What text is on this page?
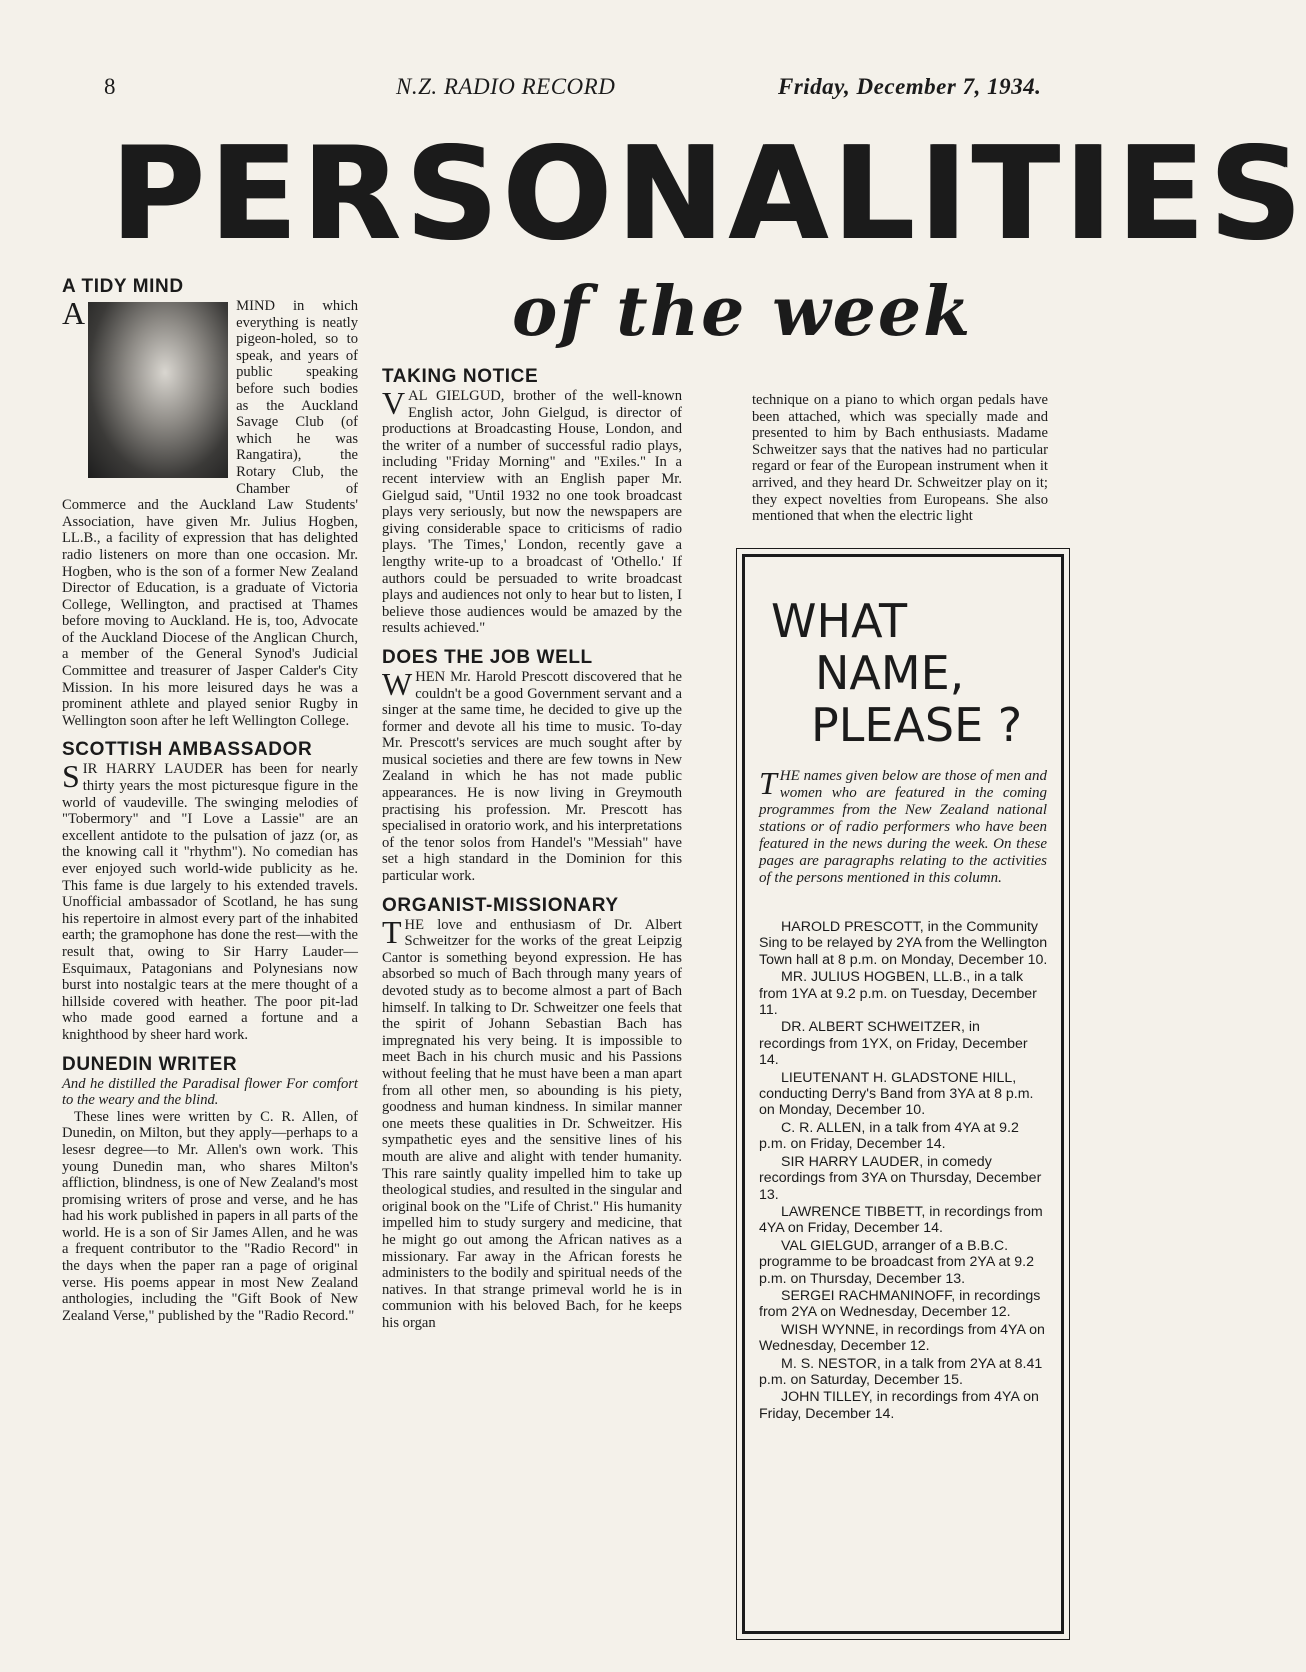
8	N.Z. RADIO RECORD	Friday, December 7, 1934.
PERSONALITIES
of the week
A TIDY MIND

A	MIND in which everything is neatly pigeon-holed, so to speak, and years of public speaking before such bodies as the Auckland Savage Club (of which he was Rangatira), the Rotary Club, the Chamber of Commerce and the Auckland Law Students' Association, have given Mr. Julius Hogben, LL.B., a facility of expression that has delighted radio listeners on more than one occasion. Mr. Hogben, who is the son of a former New Zealand Director of Education, is a graduate of Victoria College, Wellington, and practised at Thames before moving to Auckland. He is, too, Advocate of the Auckland Diocese of the Anglican Church, a member of the General Synod's Judicial Committee and treasurer of Jasper Calder's City Mission. In his more leisured days he was a prominent athlete and played senior Rugby in Wellington soon after he left Wellington College.

SCOTTISH AMBASSADOR

S IR HARRY LAUDER has been for nearly thirty years the most picturesque figure in the world of vaudeville. The swinging melodies of "Tobermory" and "I Love a Lassie" are an excellent antidote to the pulsation of jazz (or, as the knowing call it "rhythm"). No comedian has ever enjoyed such world-wide publicity as he. This fame is due largely to his extended travels. Unofficial ambassador of Scotland, he has sung his repertoire in almost every part of the inhabited earth; the gramophone has done the rest—with the result that, owing to Sir Harry Lauder—Esquimaux, Patagonians and Polynesians now burst into nostalgic tears at the mere thought of a hillside covered with heather. The poor pit-lad who made good earned a fortune and a knighthood by sheer hard work.

DUNEDIN WRITER

And he distilled the Paradisal flower For comfort to the weary and the blind.

These lines were written by C. R. Allen, of Dunedin, on Milton, but they apply—perhaps to a lesesr degree—to Mr. Allen's own work. This young Dunedin man, who shares Milton's affliction, blindness, is one of New Zealand's most promising writers of prose and verse, and he has had his work published in papers in all parts of the world. He is a son of Sir James Allen, and he was a frequent contributor to the "Radio Record" in the days when the paper ran a page of original verse. His poems appear in most New Zealand anthologies, including the "Gift Book of New Zealand Verse," published by the "Radio Record."

TAKING NOTICE

V AL GIELGUD, brother of the well-known English actor, John Gielgud, is director of productions at Broadcasting House, London, and the writer of a number of successful radio plays, including "Friday Morning" and "Exiles." In a recent interview with an English paper Mr. Gielgud said, "Until 1932 no one took broadcast plays very seriously, but now the newspapers are giving considerable space to criticisms of radio plays. 'The Times,' London, recently gave a lengthy write-up to a broadcast of 'Othello.' If authors could be persuaded to write broadcast plays and audiences not only to hear but to listen, I believe those audiences would be amazed by the results achieved."

DOES THE JOB WELL

W HEN Mr. Harold Prescott discovered that he couldn't be a good Government servant and a singer at the same time, he decided to give up the former and devote all his time to music. To-day Mr. Prescott's services are much sought after by musical societies and there are few towns in New Zealand in which he has not made public appearances. He is now living in Greymouth practising his profession. Mr. Prescott has specialised in oratorio work, and his interpretations of the tenor solos from Handel's "Messiah" have set a high standard in the Dominion for this particular work.

ORGANIST-MISSIONARY

T HE love and enthusiasm of Dr. Albert Schweitzer for the works of the great Leipzig Cantor is something beyond expression. He has absorbed so much of Bach through many years of devoted study as to become almost a part of Bach himself. In talking to Dr. Schweitzer one feels that the spirit of Johann Sebastian Bach has impregnated his very being. It is impossible to meet Bach in his church music and his Passions without feeling that he must have been a man apart from all other men, so abounding is his piety, goodness and human kindness. In similar manner one meets these qualities in Dr. Schweitzer. His sympathetic eyes and the sensitive lines of his mouth are alive and alight with tender humanity. This rare saintly quality impelled him to take up theological studies, and resulted in the singular and original book on the "Life of Christ." His humanity impelled him to study surgery and medicine, that he might go out among the African natives as a missionary. Far away in the African forests he administers to the bodily and spiritual needs of the natives. In that strange primeval world he is in communion with his beloved Bach, for he keeps his organ

technique on a piano to which organ pedals have been attached, which was specially made and presented to him by Bach enthusiasts. Madame Schweitzer says that the natives had no particular regard or fear of the European instrument when it arrived, and they heard Dr. Schweitzer play on it; they expect novelties from Europeans. She also mentioned that when the electric light

WHAT
NAME,
PLEASE ?

T HE names given below are those of men and women who are featured in the coming programmes from the New Zealand national stations or of radio performers who have been featured in the news during the week. On these pages are paragraphs relating to the activities of the persons mentioned in this column.

HAROLD PRESCOTT, in the Community Sing to be relayed by 2YA from the Wellington Town hall at 8 p.m. on Monday, December 10.

MR. JULIUS HOGBEN, LL.B., in a talk from 1YA at 9.2 p.m. on Tuesday, December 11.

DR. ALBERT SCHWEITZER, in recordings from 1YX, on Friday, December 14.

LIEUTENANT H. GLADSTONE HILL, conducting Derry's Band from 3YA at 8 p.m. on Monday, December 10.

C. R. ALLEN, in a talk from 4YA at 9.2 p.m. on Friday, December 14.

SIR HARRY LAUDER, in comedy recordings from 3YA on Thursday, December 13.

LAWRENCE TIBBETT, in recordings from 4YA on Friday, December 14.

VAL GIELGUD, arranger of a B.B.C. programme to be broadcast from 2YA at 9.2 p.m. on Thursday, December 13.

SERGEI RACHMANINOFF, in recordings from 2YA on Wednesday, December 12.

WISH WYNNE, in recordings from 4YA on Wednesday, December 12.

M. S. NESTOR, in a talk from 2YA at 8.41 p.m. on Saturday, December 15.

JOHN TILLEY, in recordings from 4YA on Friday, December 14.
